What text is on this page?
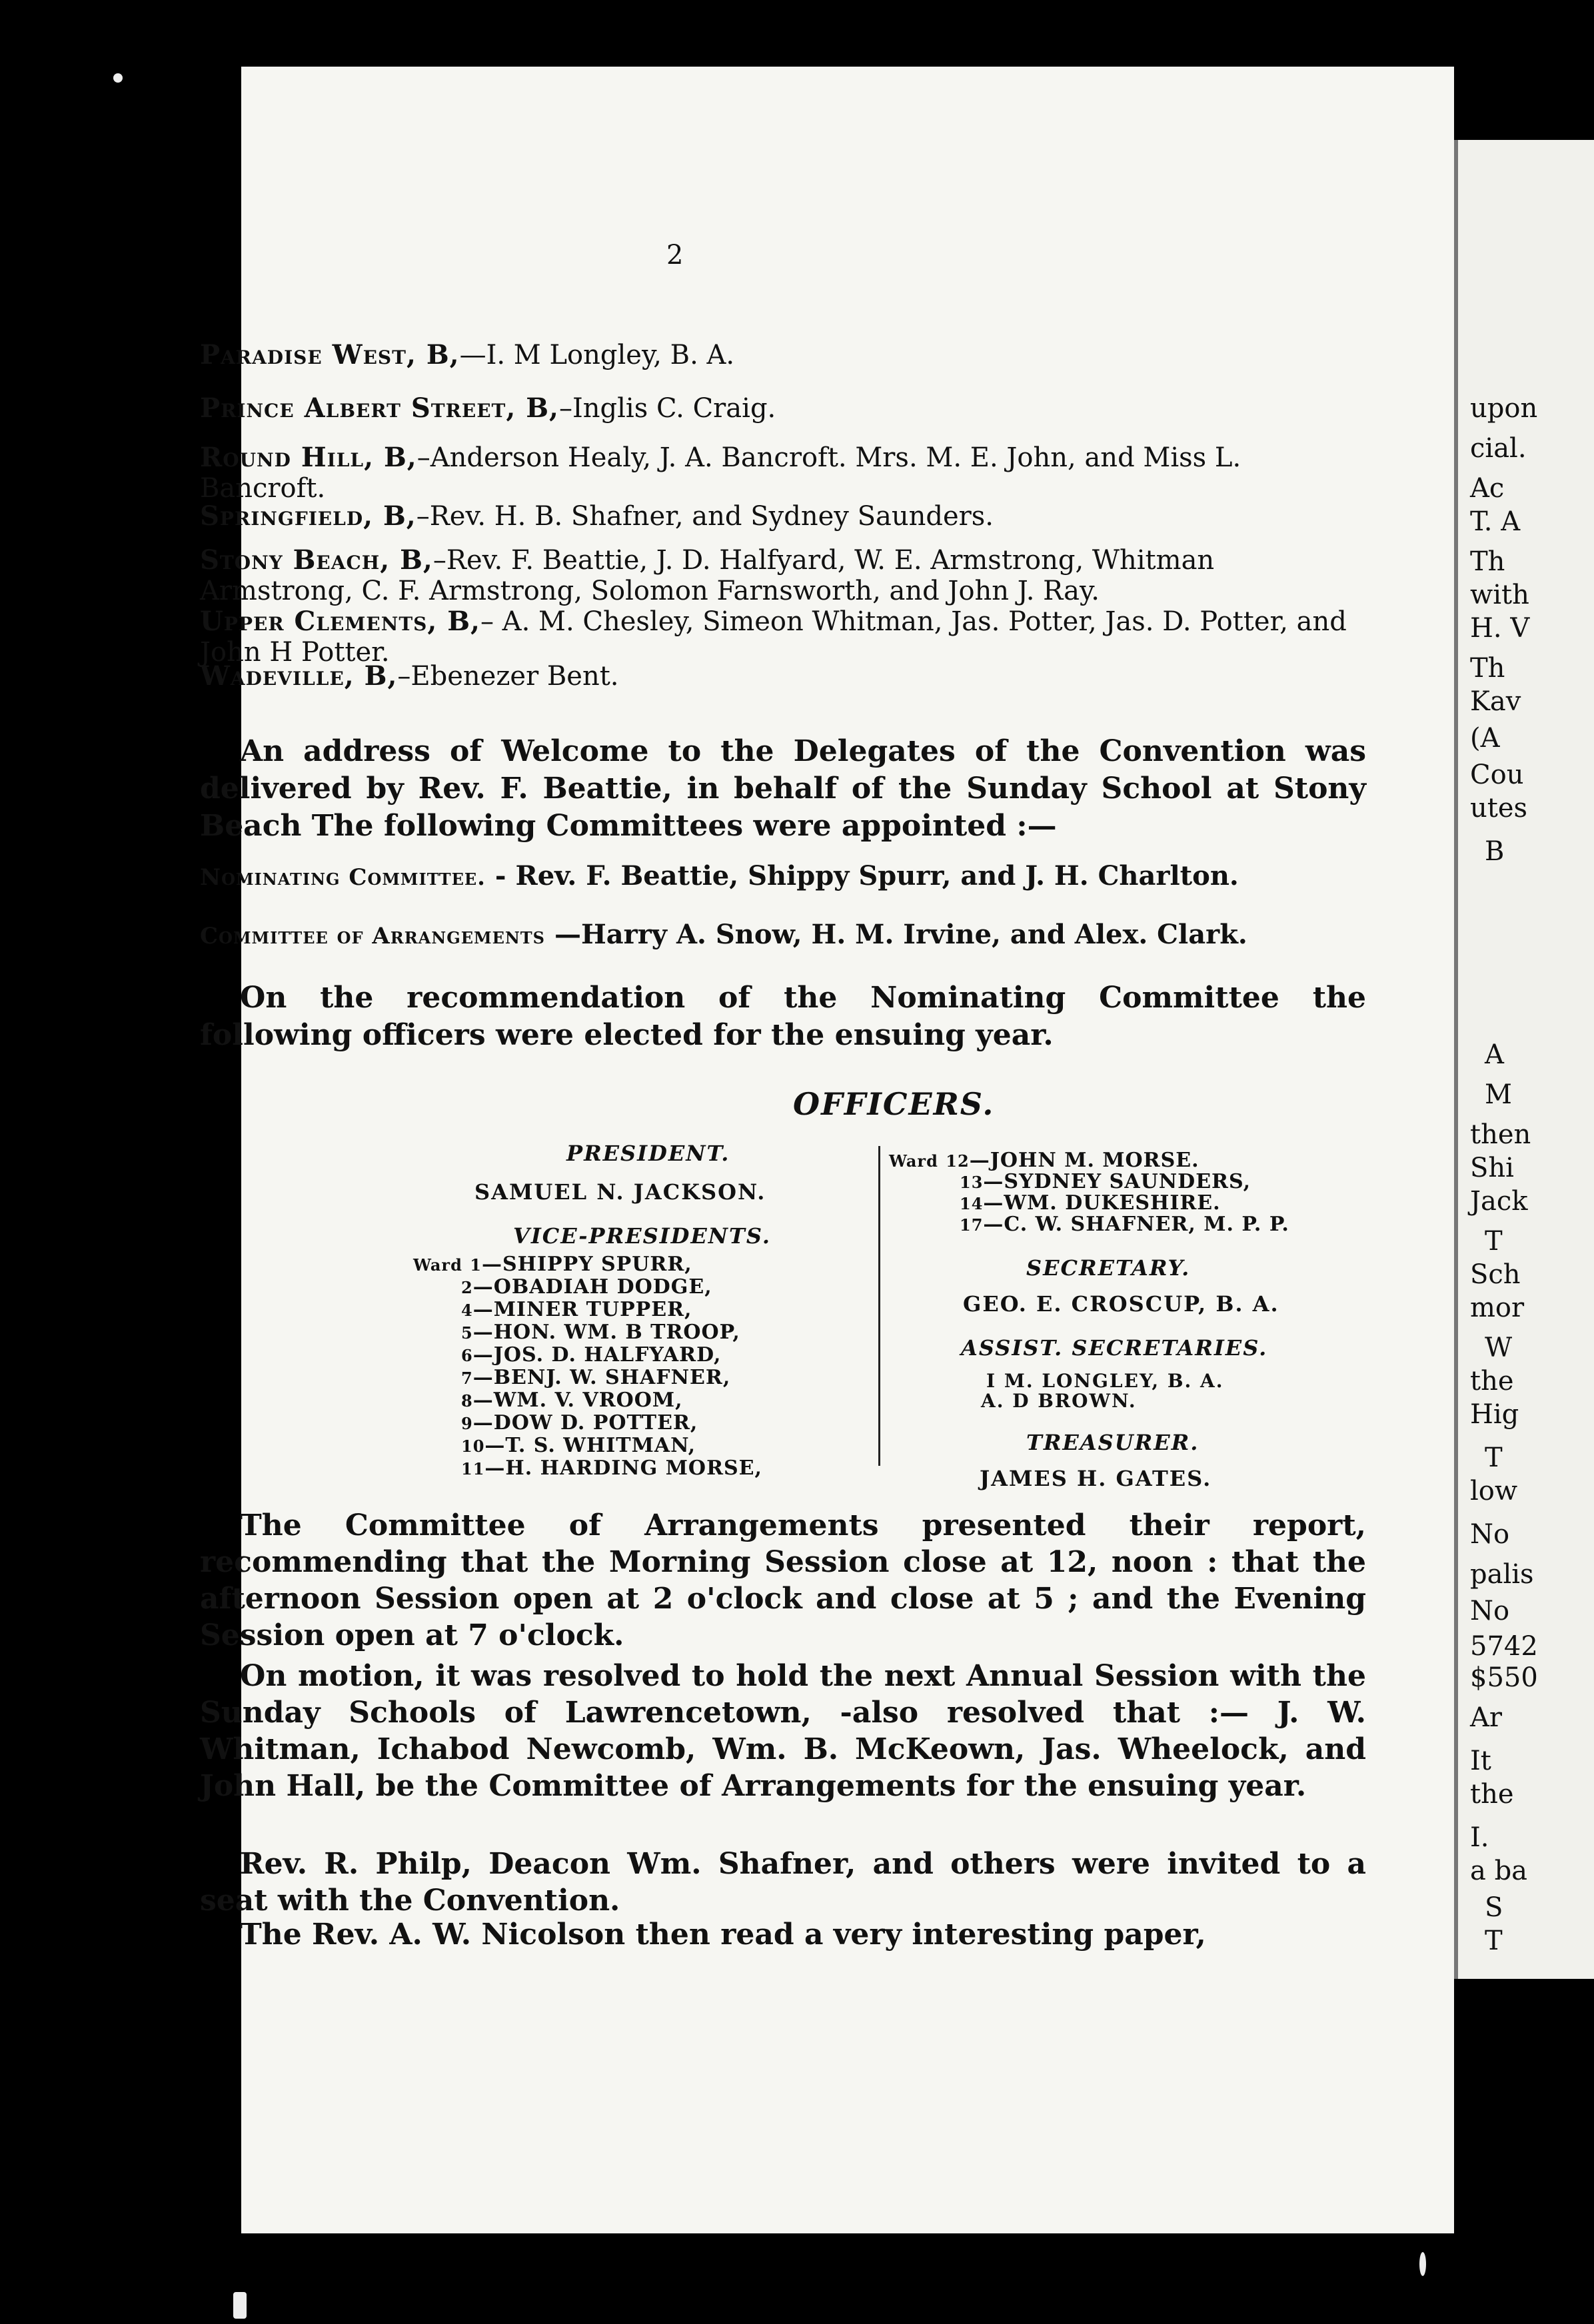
upon
cial.
Ac
T. A
Th
with
H. V
Th
Kav
(A
Cou
utes
B
A
M
then
Shi
Jack
T
Sch
mor
W
the
Hig
T
low
No
palis
No
5742
$550
Ar
It
the
I.
a ba
S
T
2
Paradise West, B,—I. M Longley, B. A.
Prince Albert Street, B,–Inglis C. Craig.
Round Hill, B,–Anderson Healy, J. A. Bancroft. Mrs. M. E. John, and Miss L. Bancroft.
Springfield, B,–Rev. H. B. Shafner, and Sydney Saunders.
Stony Beach, B,–Rev. F. Beattie, J. D. Halfyard, W. E. Armstrong, Whitman Armstrong, C. F. Armstrong, Solomon Farnsworth, and John J. Ray.
Upper Clements, B,– A. M. Chesley, Simeon Whitman, Jas. Potter, Jas. D. Potter, and John H Potter.
Wadeville, B,–Ebenezer Bent.
An address of Welcome to the Delegates of the Convention was delivered by Rev. F. Beattie, in behalf of the Sunday School at Stony Beach The following Committees were appointed :—
Nominating Committee. - Rev. F. Beattie, Shippy Spurr, and J. H. Charlton.
Committee of Arrangements —Harry A. Snow, H. M. Irvine, and Alex. Clark.
On the recommendation of the Nominating Committee the following officers were elected for the ensuing year.
OFFICERS.
PRESIDENT.
SAMUEL N. JACKSON.
VICE-PRESIDENTS.
Ward 1—SHIPPY SPURR,
2—OBADIAH DODGE,
4—MINER TUPPER,
5—HON. WM. B TROOP,
6—JOS. D. HALFYARD,
7—BENJ. W. SHAFNER,
8—WM. V. VROOM,
9—DOW D. POTTER,
10—T. S. WHITMAN,
11—H. HARDING MORSE,
Ward 12—JOHN M. MORSE.
13—SYDNEY SAUNDERS,
14—WM. DUKESHIRE.
17—C. W. SHAFNER, M. P. P.
SECRETARY.
GEO. E. CROSCUP, B. A.
ASSIST. SECRETARIES.
I M. LONGLEY, B. A.
A. D BROWN.
TREASURER.
JAMES H. GATES.
The Committee of Arrangements presented their report, recommending that the Morning Session close at 12, noon : that the afternoon Session open at 2 o'clock and close at 5 ; and the Evening Session open at 7 o'clock.
On motion, it was resolved to hold the next Annual Session with the Sunday Schools of Lawrencetown, -also resolved that :— J. W. Whitman, Ichabod Newcomb, Wm. B. McKeown, Jas. Wheelock, and John Hall, be the Committee of Arrangements for the ensuing year.
Rev. R. Philp, Deacon Wm. Shafner, and others were invited to a seat with the Convention.
The Rev. A. W. Nicolson then read a very interesting paper,
